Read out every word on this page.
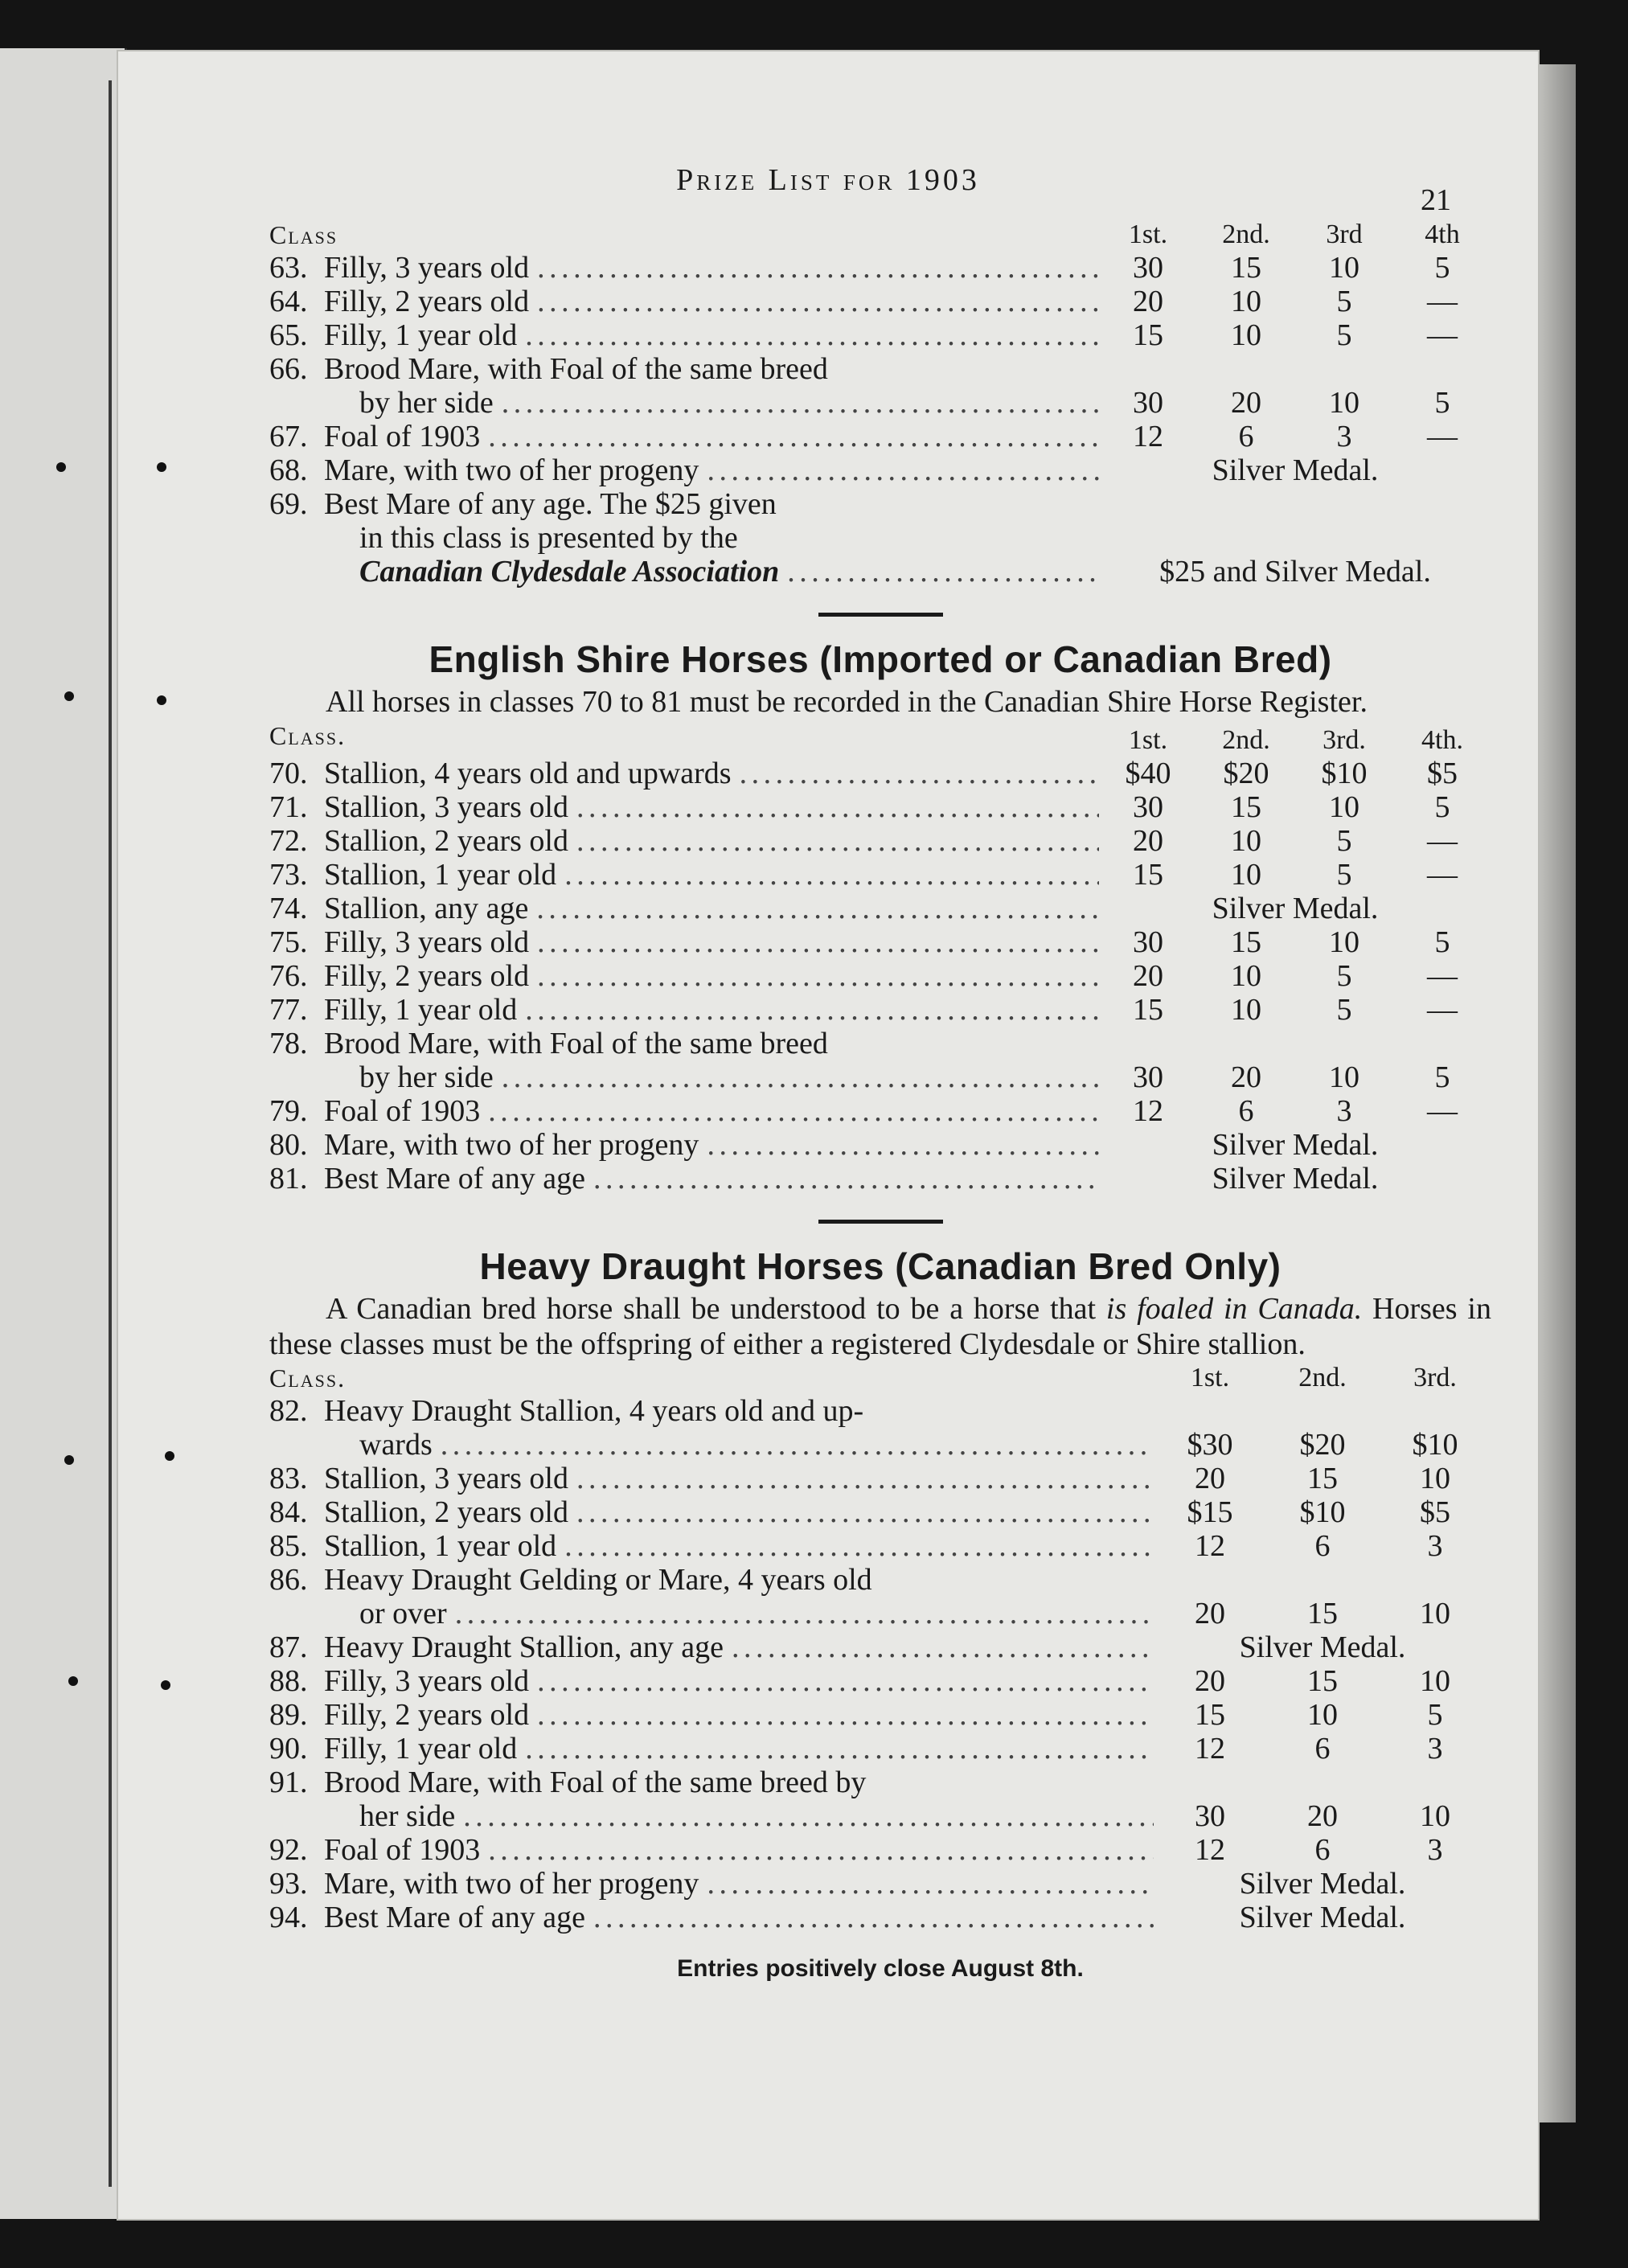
Prize List for 1903
21
Class	1st.	2nd.	3rd	4th
63. Filly, 3 years old . . .	30	15	10	5
64. Filly, 2 years old . . .	20	10	5	—
65. Filly, 1 year old . . .	15	10	5	—
66. Brood Mare, with Foal of the same breed
by her side . . .	30	20	10	5
67. Foal of 1903 . . .	12	6	3	—
68. Mare, with two of her progeny . . .	Silver Medal.
69. Best Mare of any age. The $25 given
in this class is presented by the
Canadian Clydesdale Association . . .	$25 and Silver Medal.
English Shire Horses (Imported or Canadian Bred)
All horses in classes 70 to 81 must be recorded in the Canadian Shire Horse Register.
Class.	1st.	2nd.	3rd.	4th.
70. Stallion, 4 years old and upwards . . .	$40	$20	$10	$5
71. Stallion, 3 years old . . .	30	15	10	5
72. Stallion, 2 years old . . .	20	10	5	—
73. Stallion, 1 year old . . .	15	10	5	—
74. Stallion, any age . . .	Silver Medal.
75. Filly, 3 years old . . .	30	15	10	5
76. Filly, 2 years old . . .	20	10	5	—
77. Filly, 1 year old . . .	15	10	5	—
78. Brood Mare, with Foal of the same breed
by her side . . .	30	20	10	5
79. Foal of 1903 . . .	12	6	3	—
80. Mare, with two of her progeny . . .	Silver Medal.
81. Best Mare of any age . . .	Silver Medal.
Heavy Draught Horses (Canadian Bred Only)
A Canadian bred horse shall be understood to be a horse that is foaled in Canada. Horses in these classes must be the offspring of either a registered Clydesdale or Shire stallion.
Class.	1st.	2nd.	3rd.
82. Heavy Draught Stallion, 4 years old and up-
wards . . .	$30	$20	$10
83. Stallion, 3 years old . . .	20	15	10
84. Stallion, 2 years old . . .	$15	$10	$5
85. Stallion, 1 year old . . .	12	6	3
86. Heavy Draught Gelding or Mare, 4 years old
or over . . .	20	15	10
87. Heavy Draught Stallion, any age . . .	Silver Medal.
88. Filly, 3 years old . . .	20	15	10
89. Filly, 2 years old . . .	15	10	5
90. Filly, 1 year old . . .	12	6	3
91. Brood Mare, with Foal of the same breed by
her side . . .	30	20	10
92. Foal of 1903 . . .	12	6	3
93. Mare, with two of her progeny . . .	Silver Medal.
94. Best Mare of any age . . .	Silver Medal.
Entries positively close August 8th.
